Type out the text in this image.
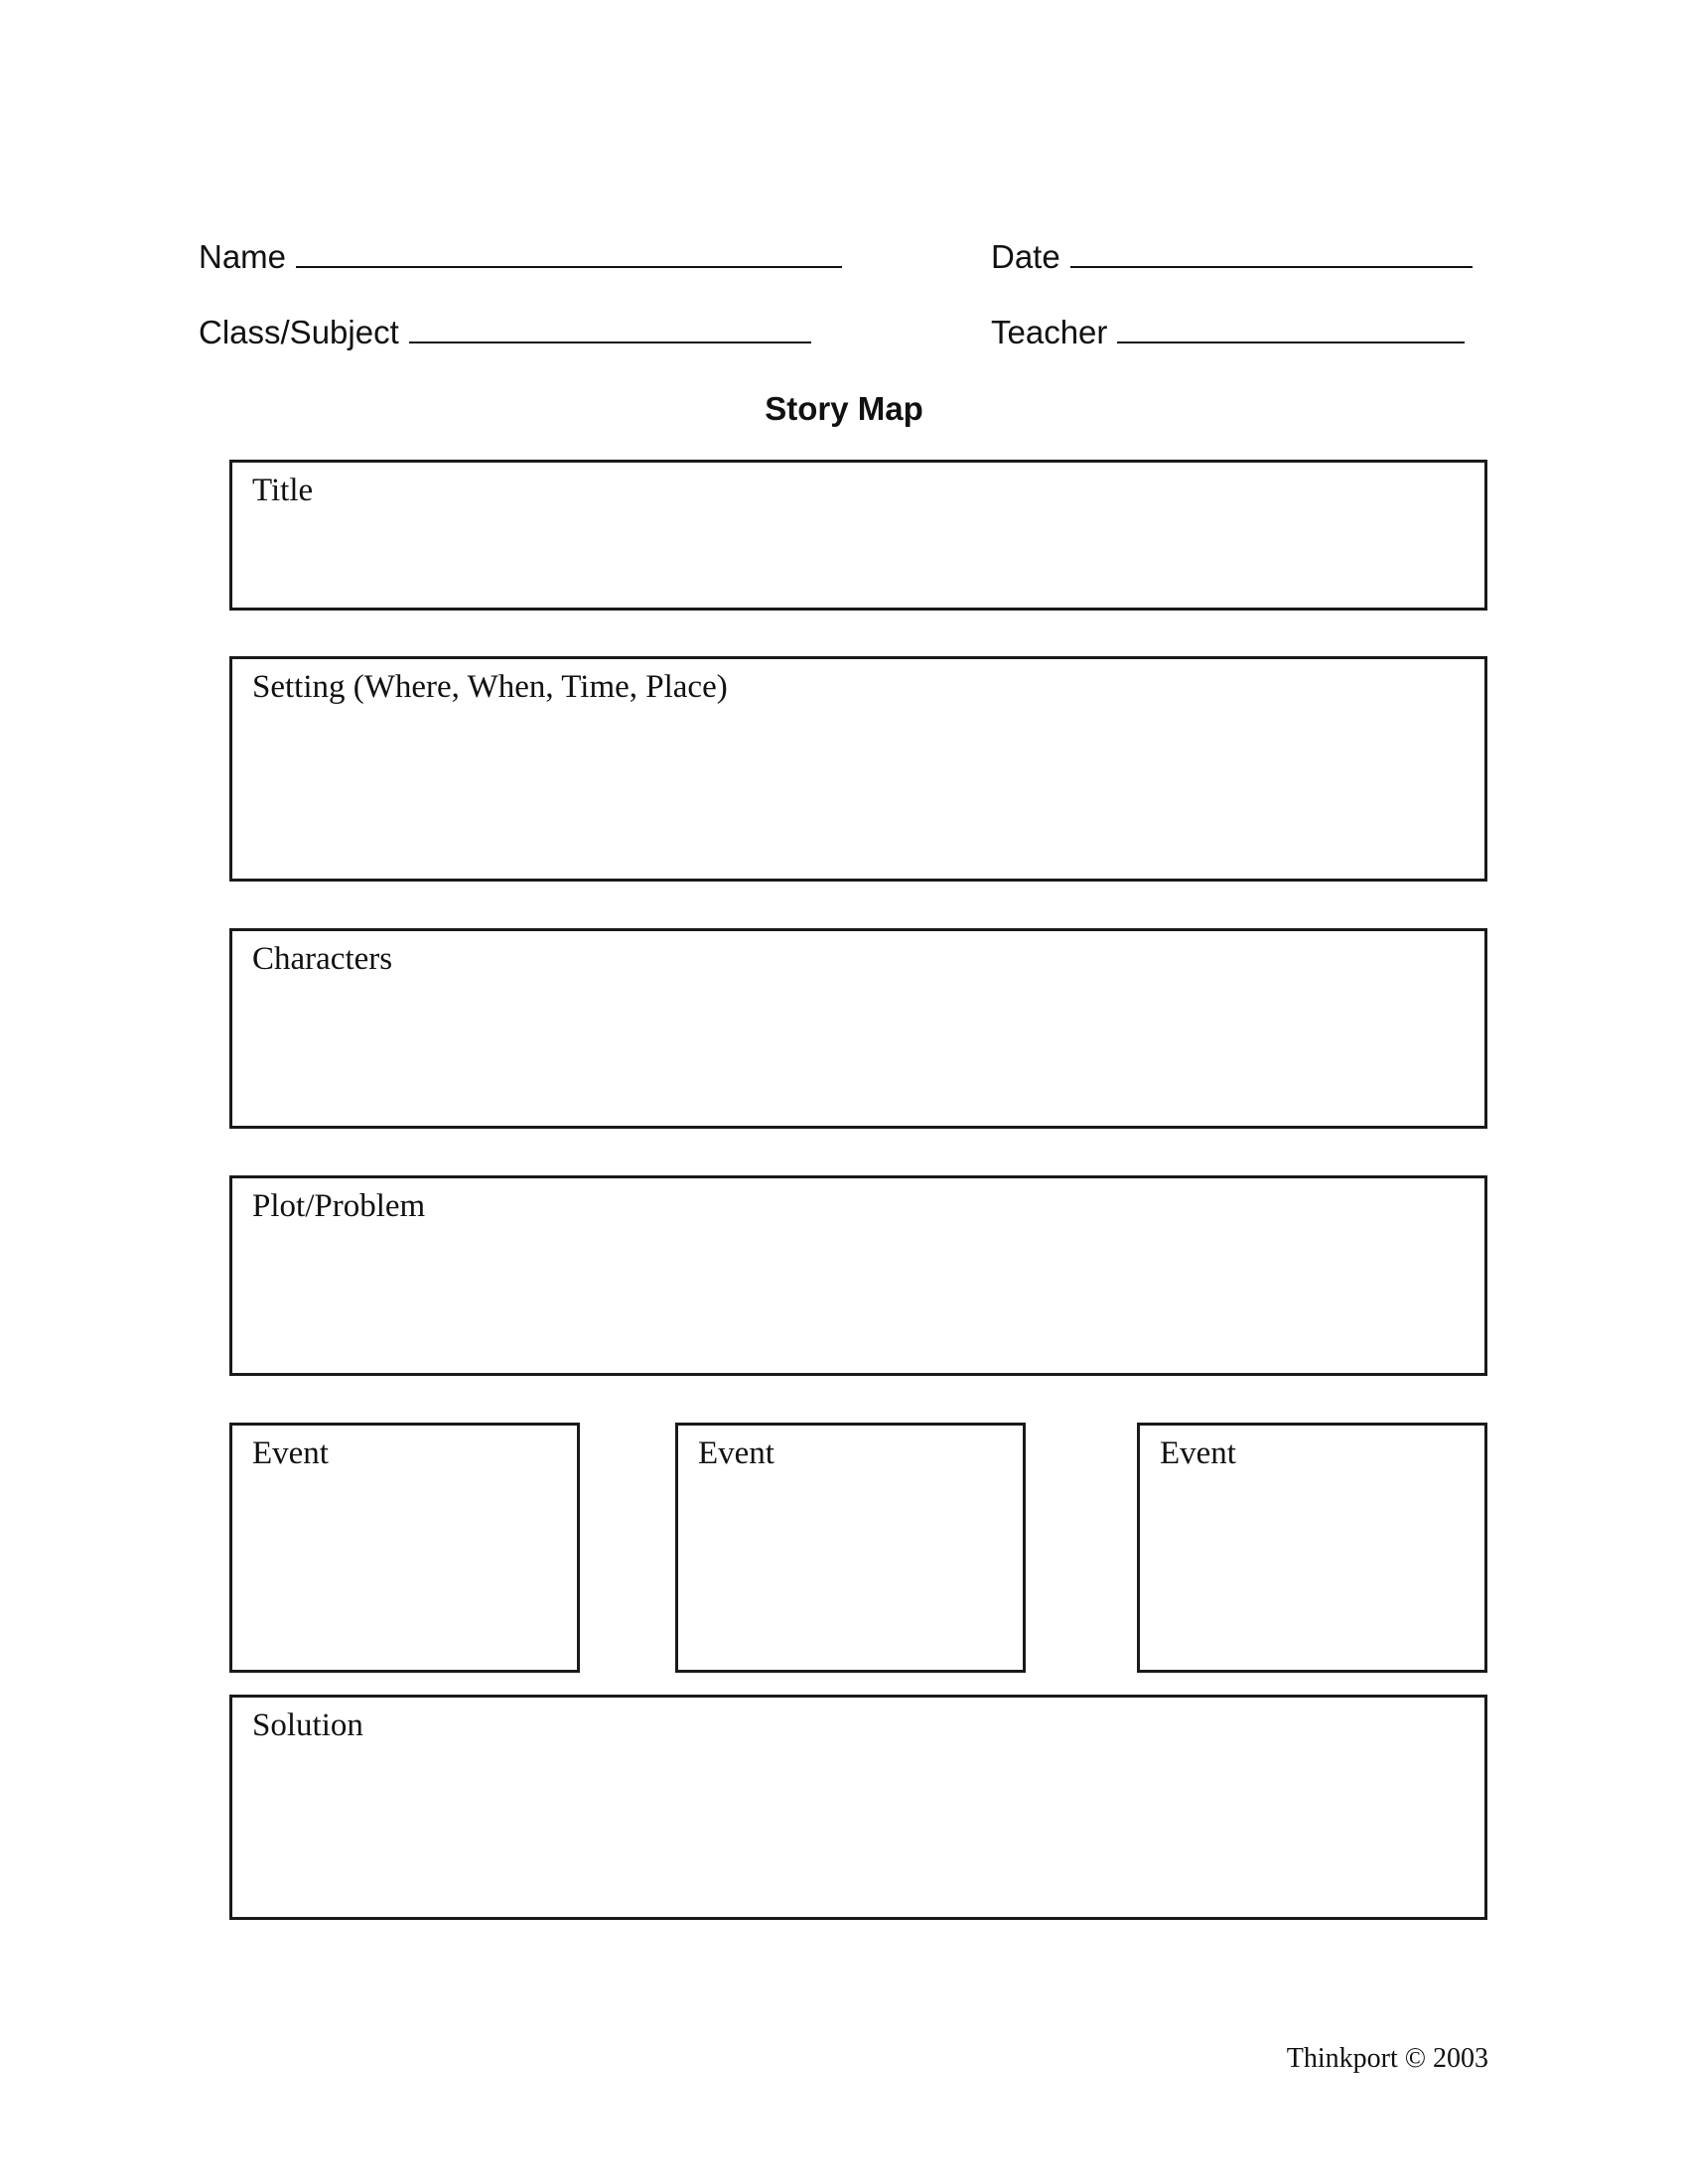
Name	Date
Class/Subject	Teacher
Story Map
Title
Setting (Where, When, Time, Place)
Characters
Plot/Problem
Event	Event	Event
Solution
Thinkport © 2003
